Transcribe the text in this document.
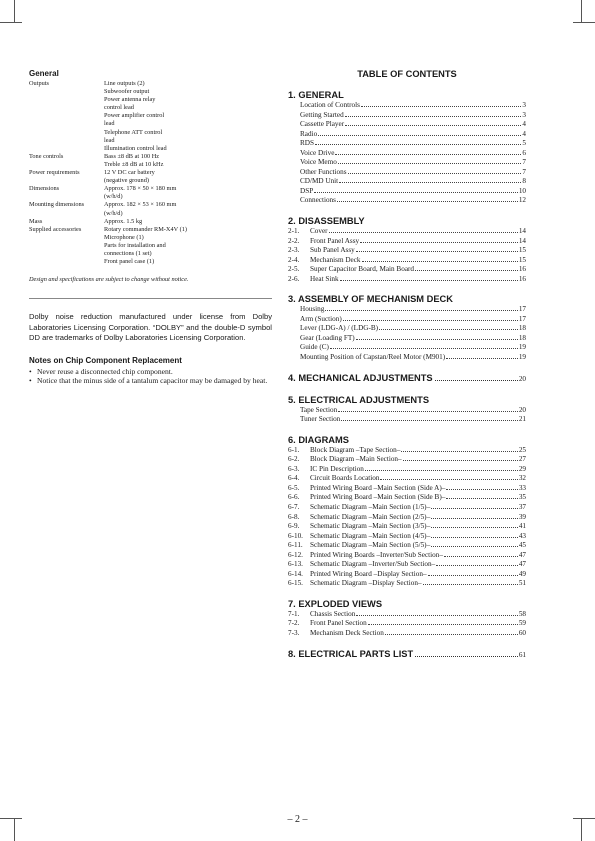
General
Outputs	Line outputs (2)
Subwoofer output
Power antenna relay
control lead
Power amplifier control
lead
Telephone ATT control
lead
Illumination control lead
Tone controls	Bass ±8 dB at 100 Hz
Treble ±8 dB at 10 kHz
Power requirements	12 V DC car battery
(negative ground)
Dimensions	Approx. 178 × 50 × 180 mm
(w/h/d)
Mounting dimensions	Approx. 182 × 53 × 160 mm
(w/h/d)
Mass	Approx. 1.5 kg
Supplied accessories	Rotary commander RM-X4V (1)
Microphone (1)
Parts for installation and
connections (1 set)
Front panel case (1)
Design and specifications are subject to change without notice.
Dolby noise reduction manufactured under license from Dolby Laboratories Licensing Corporation. “DOLBY” and the double-D symbol DD are trademarks of Dolby Laboratories Licensing Corporation.
Notes on Chip Component Replacement
• Never reuse a disconnected chip component.
• Notice that the minus side of a tantalum capacitor may be damaged by heat.
TABLE OF CONTENTS
1. GENERAL
Location of Controls	3
Getting Started	3
Cassette Player	4
Radio	4
RDS	5
Voice Drive	6
Voice Memo	7
Other Functions	7
CD/MD Unit	8
DSP	10
Connections	12
2. DISASSEMBLY
2-1.	Cover	14
2-2.	Front Panel Assy	14
2-3.	Sub Panel Assy	15
2-4.	Mechanism Deck	15
2-5.	Super Capacitor Board, Main Board	16
2-6.	Heat Sink	16
3. ASSEMBLY OF MECHANISM DECK
Housing	17
Arm (Suction)	17
Lever (LDG-A) / (LDG-B)	18
Gear (Loading FT)	18
Guide (C)	19
Mounting Position of Capstan/Reel Motor (M901)	19
4. MECHANICAL ADJUSTMENTS	20
5. ELECTRICAL ADJUSTMENTS
Tape Section	20
Tuner Section	21
6. DIAGRAMS
6-1.	Block Diagram –Tape Section–	25
6-2.	Block Diagram –Main Section–	27
6-3.	IC Pin Description	29
6-4.	Circuit Boards Location	32
6-5.	Printed Wiring Board –Main Section (Side A)–	33
6-6.	Printed Wiring Board –Main Section (Side B)–	35
6-7.	Schematic Diagram –Main Section (1/5)–	37
6-8.	Schematic Diagram –Main Section (2/5)–	39
6-9.	Schematic Diagram –Main Section (3/5)–	41
6-10. Schematic Diagram –Main Section (4/5)–	43
6-11.	Schematic Diagram –Main Section (5/5)–	45
6-12. Printed Wiring Boards –Inverter/Sub Section–	47
6-13. Schematic Diagram –Inverter/Sub Section–	47
6-14. Printed Wiring Board –Display Section–	49
6-15. Schematic Diagram –Display Section–	51
7. EXPLODED VIEWS
7-1.	Chassis Section	58
7-2.	Front Panel Section	59
7-3.	Mechanism Deck Section	60
8. ELECTRICAL PARTS LIST	61
– 2 –
